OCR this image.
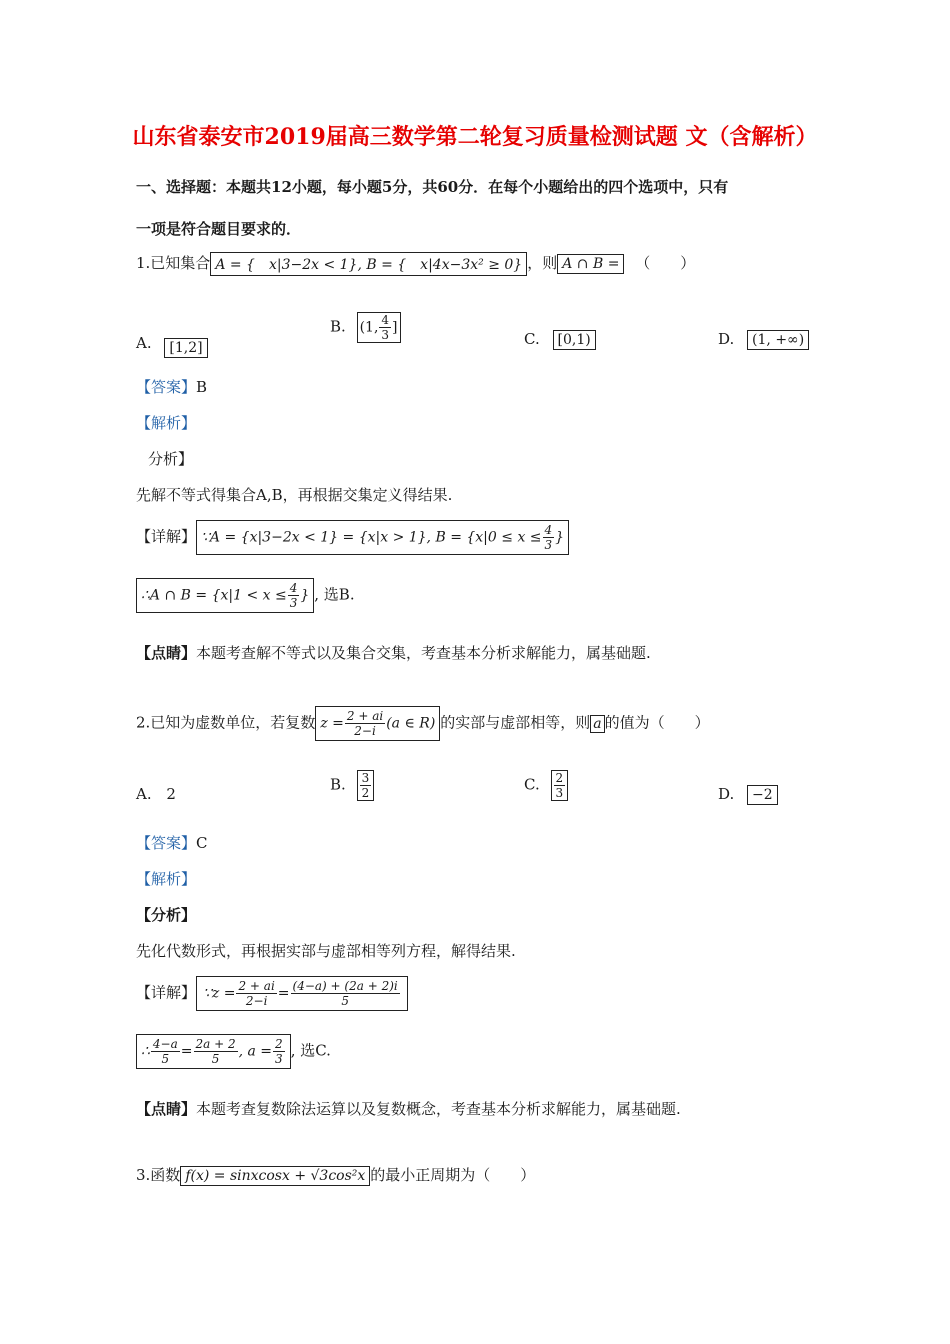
山东省泰安市2019届高三数学第二轮复习质量检测试题 文（含解析）
一、选择题：本题共12小题，每小题5分，共60分．在每个小题给出的四个选项中，只有
一项是符合题目要求的．
1.已知集合 A = {　x|3−2x < 1}, B = {　x|4x−3x² ≥ 0} ，则 A ∩ B = （　　）
A. [1,2]
B. (1, $\frac{4}{3}$ ]
C. [0,1)	D. (1, +∞)
【答案】B
【解析】
分析】
先解不等式得集合A,B，再根据交集定义得结果.
【详解】 ∵A = {x|3−2x < 1} = {x|x > 1}, $B = \{x|0 \le x \le \frac{4}{3}$ }
∴A ∩ $B = \{x|1 < x \le \frac{4}{3}$ } , 选B.
【点睛】本题考查解不等式以及集合交集，考查基本分析求解能力，属基础题.
2.已知为虚数单位，若复数 $z = \frac{2 + ai}{2-i} (a$ ∈ R) 的实部与虚部相等，则 a 的值为（　　）
A. 2
B. $\frac{3}{2}$	C. $\frac{2}{3}$	D. −2
【答案】C
【解析】
【分析】
先化代数形式，再根据实部与虚部相等列方程，解得结果.
【详解】 ∵z = $\frac{2 + ai}{2-i} = \frac{(4-a) + (2a + 2)i}{5}$
∴ $\frac{4-a}{5} = \frac{2a + 2}{5}$ , $a = \frac{2}{3}$ , 选C.
【点睛】本题考查复数除法运算以及复数概念，考查基本分析求解能力，属基础题.
3.函数 f(x) = sinxcosx + √3cos²x 的最小正周期为（　　）
